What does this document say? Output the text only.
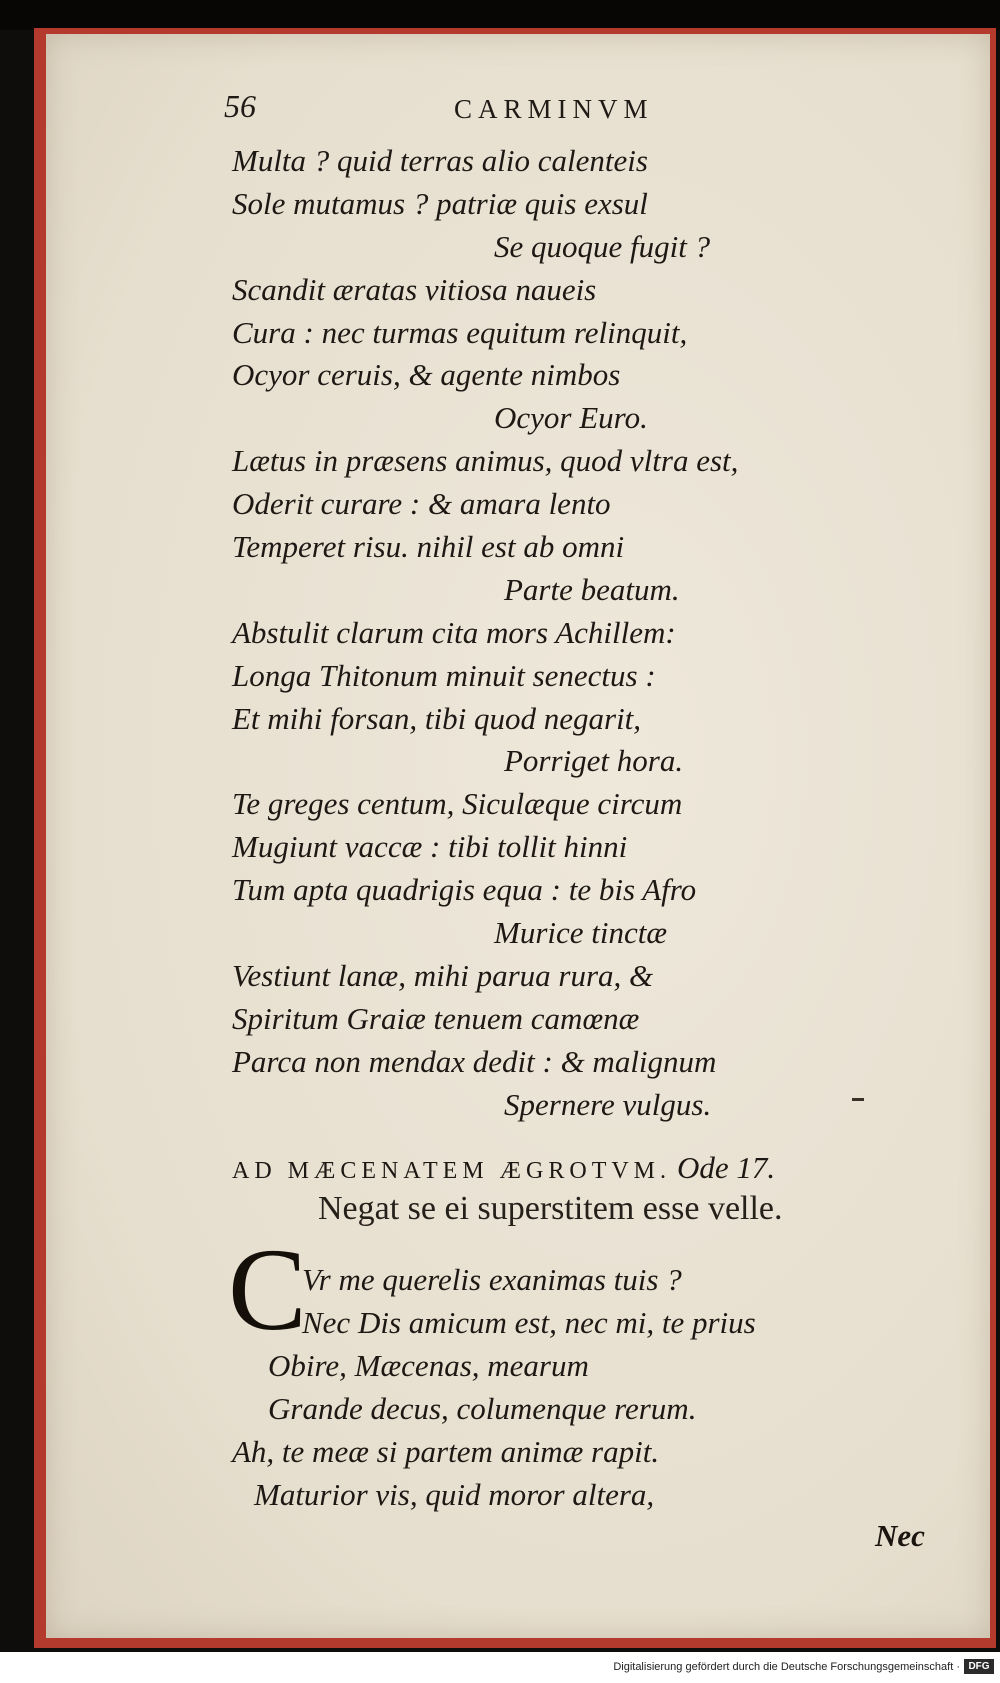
56	CARMINVM
Multa ? quid terras alio calenteis
Sole mutamus ? patriæ quis exsul
Se quoque fugit ?
Scandit æratas vitiosa naueis
Cura : nec turmas equitum relinquit,
Ocyor ceruis, & agente nimbos
Ocyor Euro.
Lætus in præsens animus, quod vltra est,
Oderit curare : & amara lento
Temperet risu. nihil est ab omni
Parte beatum.
Abstulit clarum cita mors Achillem:
Longa Thitonum minuit senectus :
Et mihi forsan, tibi quod negarit,
Porriget hora.
Te greges centum, Siculæque circum
Mugiunt vaccæ : tibi tollit hinni
Tum apta quadrigis equa : te bis Afro
Murice tinctæ
Vestiunt lanæ, mihi parua rura, &
Spiritum Graiæ tenuem camœnæ
Parca non mendax dedit : & malignum
Spernere vulgus.
AD MÆCENATEM ÆGROTVM. Ode 17.
Negat se ei superstitem esse velle.
C
Vr me querelis exanimas tuis ?
Nec Dis amicum est, nec mi, te prius
Obire, Mæcenas, mearum
Grande decus, columenque rerum.
Ah, te meæ si partem animæ rapit.
Maturior vis, quid moror altera,
Nec
Digitalisierung gefördert durch die Deutsche Forschungsgemeinschaft · DFG
